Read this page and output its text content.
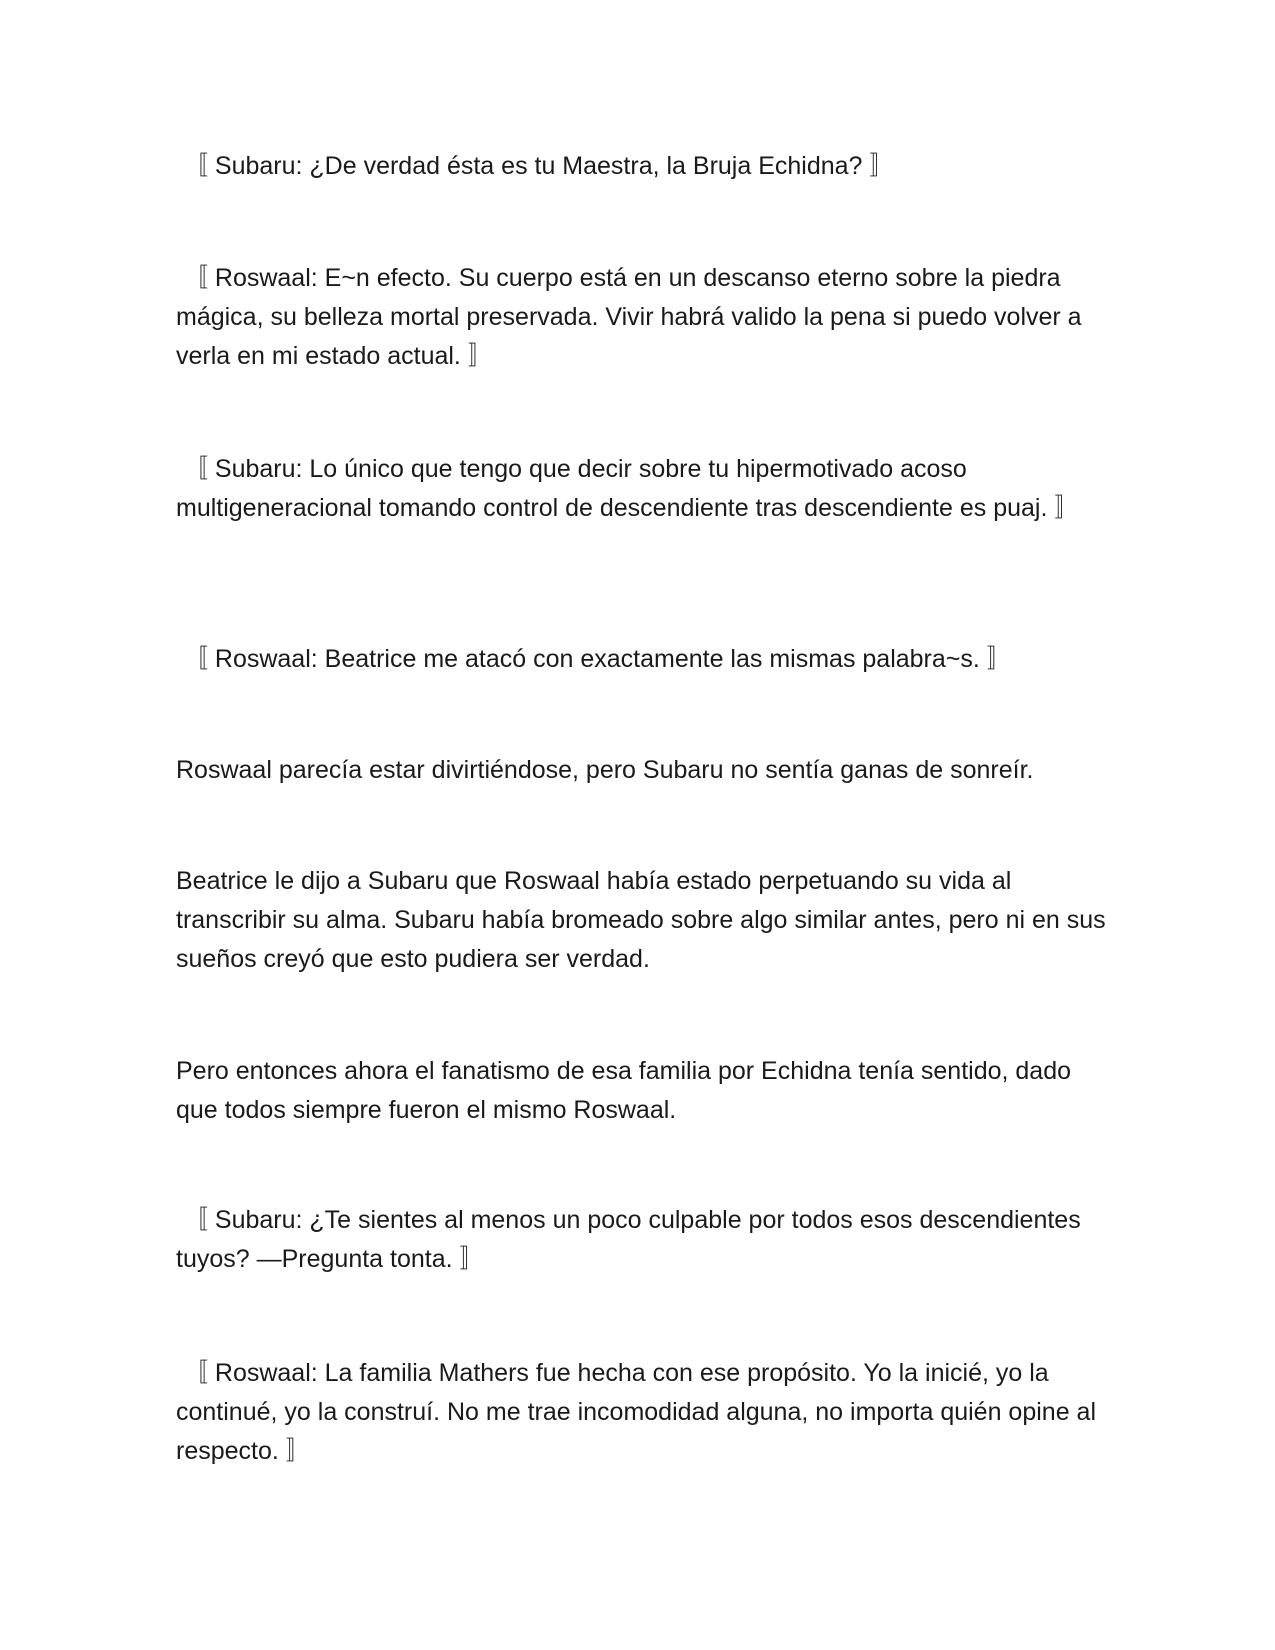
〚 Subaru: ¿De verdad ésta es tu Maestra, la Bruja Echidna? 〛

〚 Roswaal: E~n efecto. Su cuerpo está en un descanso eterno sobre la piedra mágica, su belleza mortal preservada. Vivir habrá valido la pena si puedo volver a verla en mi estado actual. 〛

〚 Subaru: Lo único que tengo que decir sobre tu hipermotivado acoso multigeneracional tomando control de descendiente tras descendiente es puaj. 〛

〚 Roswaal: Beatrice me atacó con exactamente las mismas palabra~s. 〛

Roswaal parecía estar divirtiéndose, pero Subaru no sentía ganas de sonreír.

Beatrice le dijo a Subaru que Roswaal había estado perpetuando su vida al transcribir su alma. Subaru había bromeado sobre algo similar antes, pero ni en sus sueños creyó que esto pudiera ser verdad.

Pero entonces ahora el fanatismo de esa familia por Echidna tenía sentido, dado que todos siempre fueron el mismo Roswaal.

〚 Subaru: ¿Te sientes al menos un poco culpable por todos esos descendientes tuyos? —Pregunta tonta. 〛

〚 Roswaal: La familia Mathers fue hecha con ese propósito. Yo la inicié, yo la continué, yo la construí. No me trae incomodidad alguna, no importa quién opine al respecto. 〛
